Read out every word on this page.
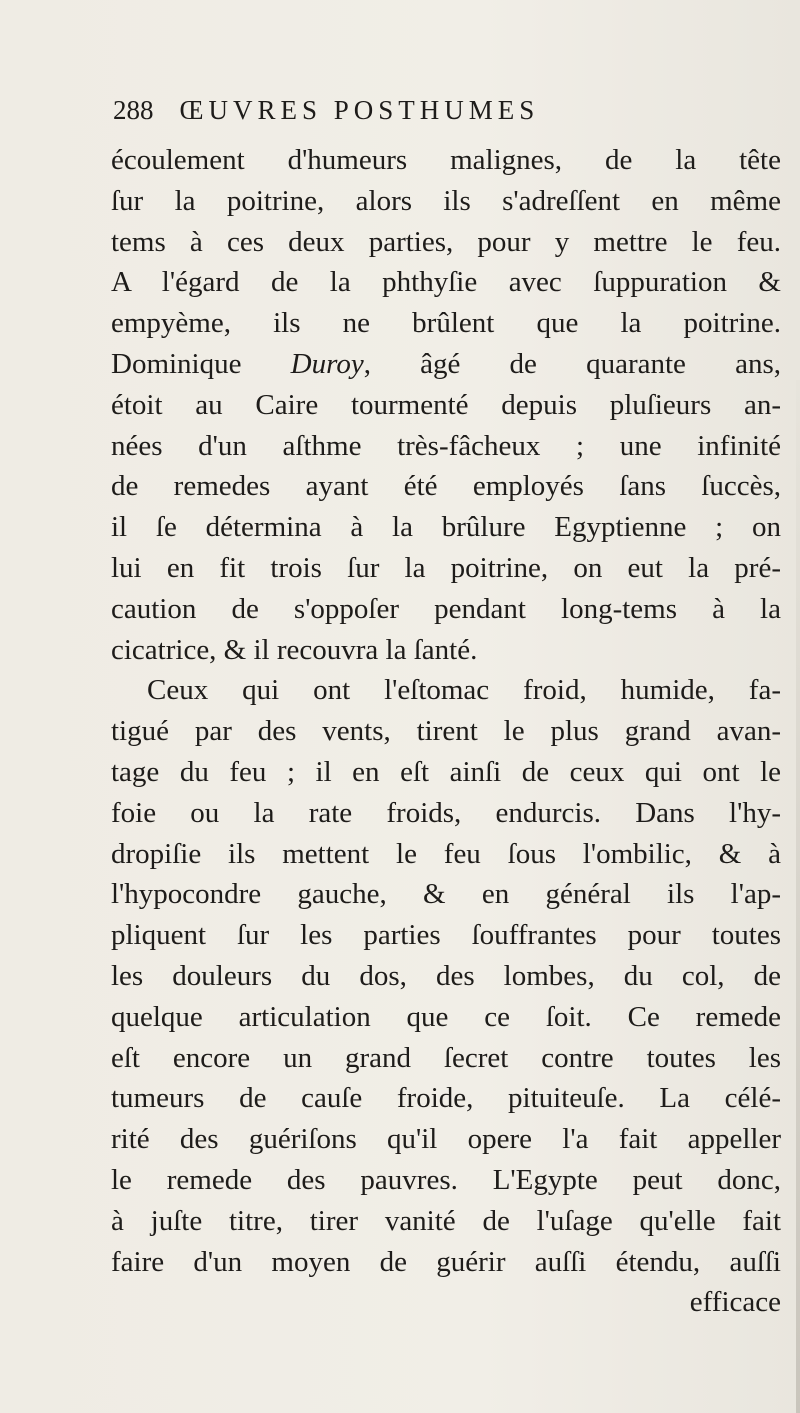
288 ŒUVRES POSTHUMES
écoulement d'humeurs malignes, de la tête
ſur la poitrine, alors ils s'adreſſent en même
tems à ces deux parties, pour y mettre le feu.
A l'égard de la phthyſie avec ſuppuration &
empyème, ils ne brûlent que la poitrine.
Dominique Duroy, âgé de quarante ans,
étoit au Caire tourmenté depuis pluſieurs an-
nées d'un aſthme très-fâcheux ; une infinité
de remedes ayant été employés ſans ſuccès,
il ſe détermina à la brûlure Egyptienne ; on
lui en fit trois ſur la poitrine, on eut la pré-
caution de s'oppoſer pendant long-tems à la
cicatrice, & il recouvra la ſanté.
Ceux qui ont l'eſtomac froid, humide, fa-
tigué par des vents, tirent le plus grand avan-
tage du feu ; il en eſt ainſi de ceux qui ont le
foie ou la rate froids, endurcis. Dans l'hy-
dropiſie ils mettent le feu ſous l'ombilic, & à
l'hypocondre gauche, & en général ils l'ap-
pliquent ſur les parties ſouffrantes pour toutes
les douleurs du dos, des lombes, du col, de
quelque articulation que ce ſoit. Ce remede
eſt encore un grand ſecret contre toutes les
tumeurs de cauſe froide, pituiteuſe. La célé-
rité des guériſons qu'il opere l'a fait appeller
le remede des pauvres. L'Egypte peut donc,
à juſte titre, tirer vanité de l'uſage qu'elle fait
faire d'un moyen de guérir auſſi étendu, auſſi
efficace
